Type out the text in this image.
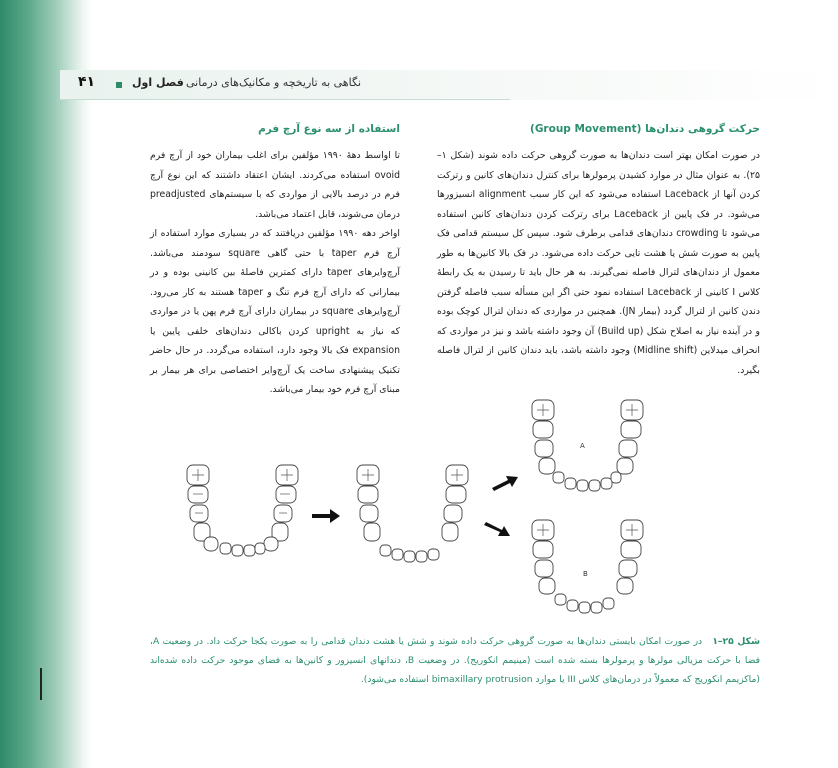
۴۱	فصل اول نگاهی به تاریخچه و مکانیک‌های درمانی
حرکت گروهی دندان‌ها (Group Movement)

در صورت امکان بهتر است دندان‌ها به صورت گروهی حرکت داده شوند (شکل ۱–۲۵). به عنوان مثال در موارد کشیدن پرمولرها برای کنترل دندان‌های کانین و رترکت کردن آنها از Laceback استفاده می‌شود که این کار سبب alignment انسیزورها می‌شود. در فک پایین از Laceback برای رترکت کردن دندان‌های کانین استفاده می‌شود تا crowding دندان‌های قدامی برطرف شود. سپس کل سیستم قدامی فک پایین به صورت شش یا هشت تایی حرکت داده می‌شود. در فک بالا کانین‌ها به طور معمول از دندان‌های لترال فاصله نمی‌گیرند. به هر حال باید تا رسیدن به یک رابطهٔ کلاس I کانینی از Laceback استفاده نمود حتی اگر این مسأله سبب فاصله گرفتن دندن کانین از لترال گردد (بیمار JN). همچنین در مواردی که دندان لترال کوچک بوده و در آینده نیاز به اصلاح شکل (Build up) آن وجود داشته باشد و نیز در مواردی که انحراف میدلاین (Midline shift) وجود داشته باشد، باید دندان کانین از لترال فاصله بگیرد.

استفاده از سه نوع آرچ فرم

تا اواسط دههٔ ۱۹۹۰ مؤلفین برای اغلب بیماران خود از آرچ فرم ovoid استفاده می‌کردند. ایشان اعتقاد داشتند که این نوع آرچ فرم در درصد بالایی از مواردی که با سیستم‌های preadjusted درمان می‌شوند، قابل اعتماد می‌باشد.

اواخر دهه ۱۹۹۰ مؤلفین دریافتند که در بسیاری موارد استفاده از آرچ فرم taper با حتی گاهی square سودمند می‌باشد. آرچ‌وایرهای taper دارای کمترین فاصلهٔ بین کانینی بوده و در بیمارانی که دارای آرچ فرم تنگ و taper هستند به کار می‌رود. آرچ‌وایرهای square در بیماران دارای آرچ فرم پهن یا در مواردی که نیاز به upright کردن باکالی دندان‌های خلفی پایین یا expansion فک بالا وجود دارد، استفاده می‌گردد. در حال حاضر تکنیک پیشنهادی ساخت یک آرچ‌وایر اختصاصی برای هر بیمار بر مبنای آرچ فرم خود بیمار می‌باشد.

A
B
شکل ۲۵–۱   در صورت امکان بایستی دندان‌ها به صورت گروهی حرکت داده شوند و شش یا هشت دندان قدامی را به صورت یکجا حرکت داد. در وضعیت A، فضا با حرکت مزیالی مولرها و پرمولرها بسته شده است (مینیمم انکوریج). در وضعیت B، دندانهای انسیزور و کانین‌ها به فضای موجود حرکت داده شده‌اند (ماکزیمم انکوریج که معمولاً در درمان‌های کلاس III یا موارد bimaxillary protrusion استفاده می‌شود).
